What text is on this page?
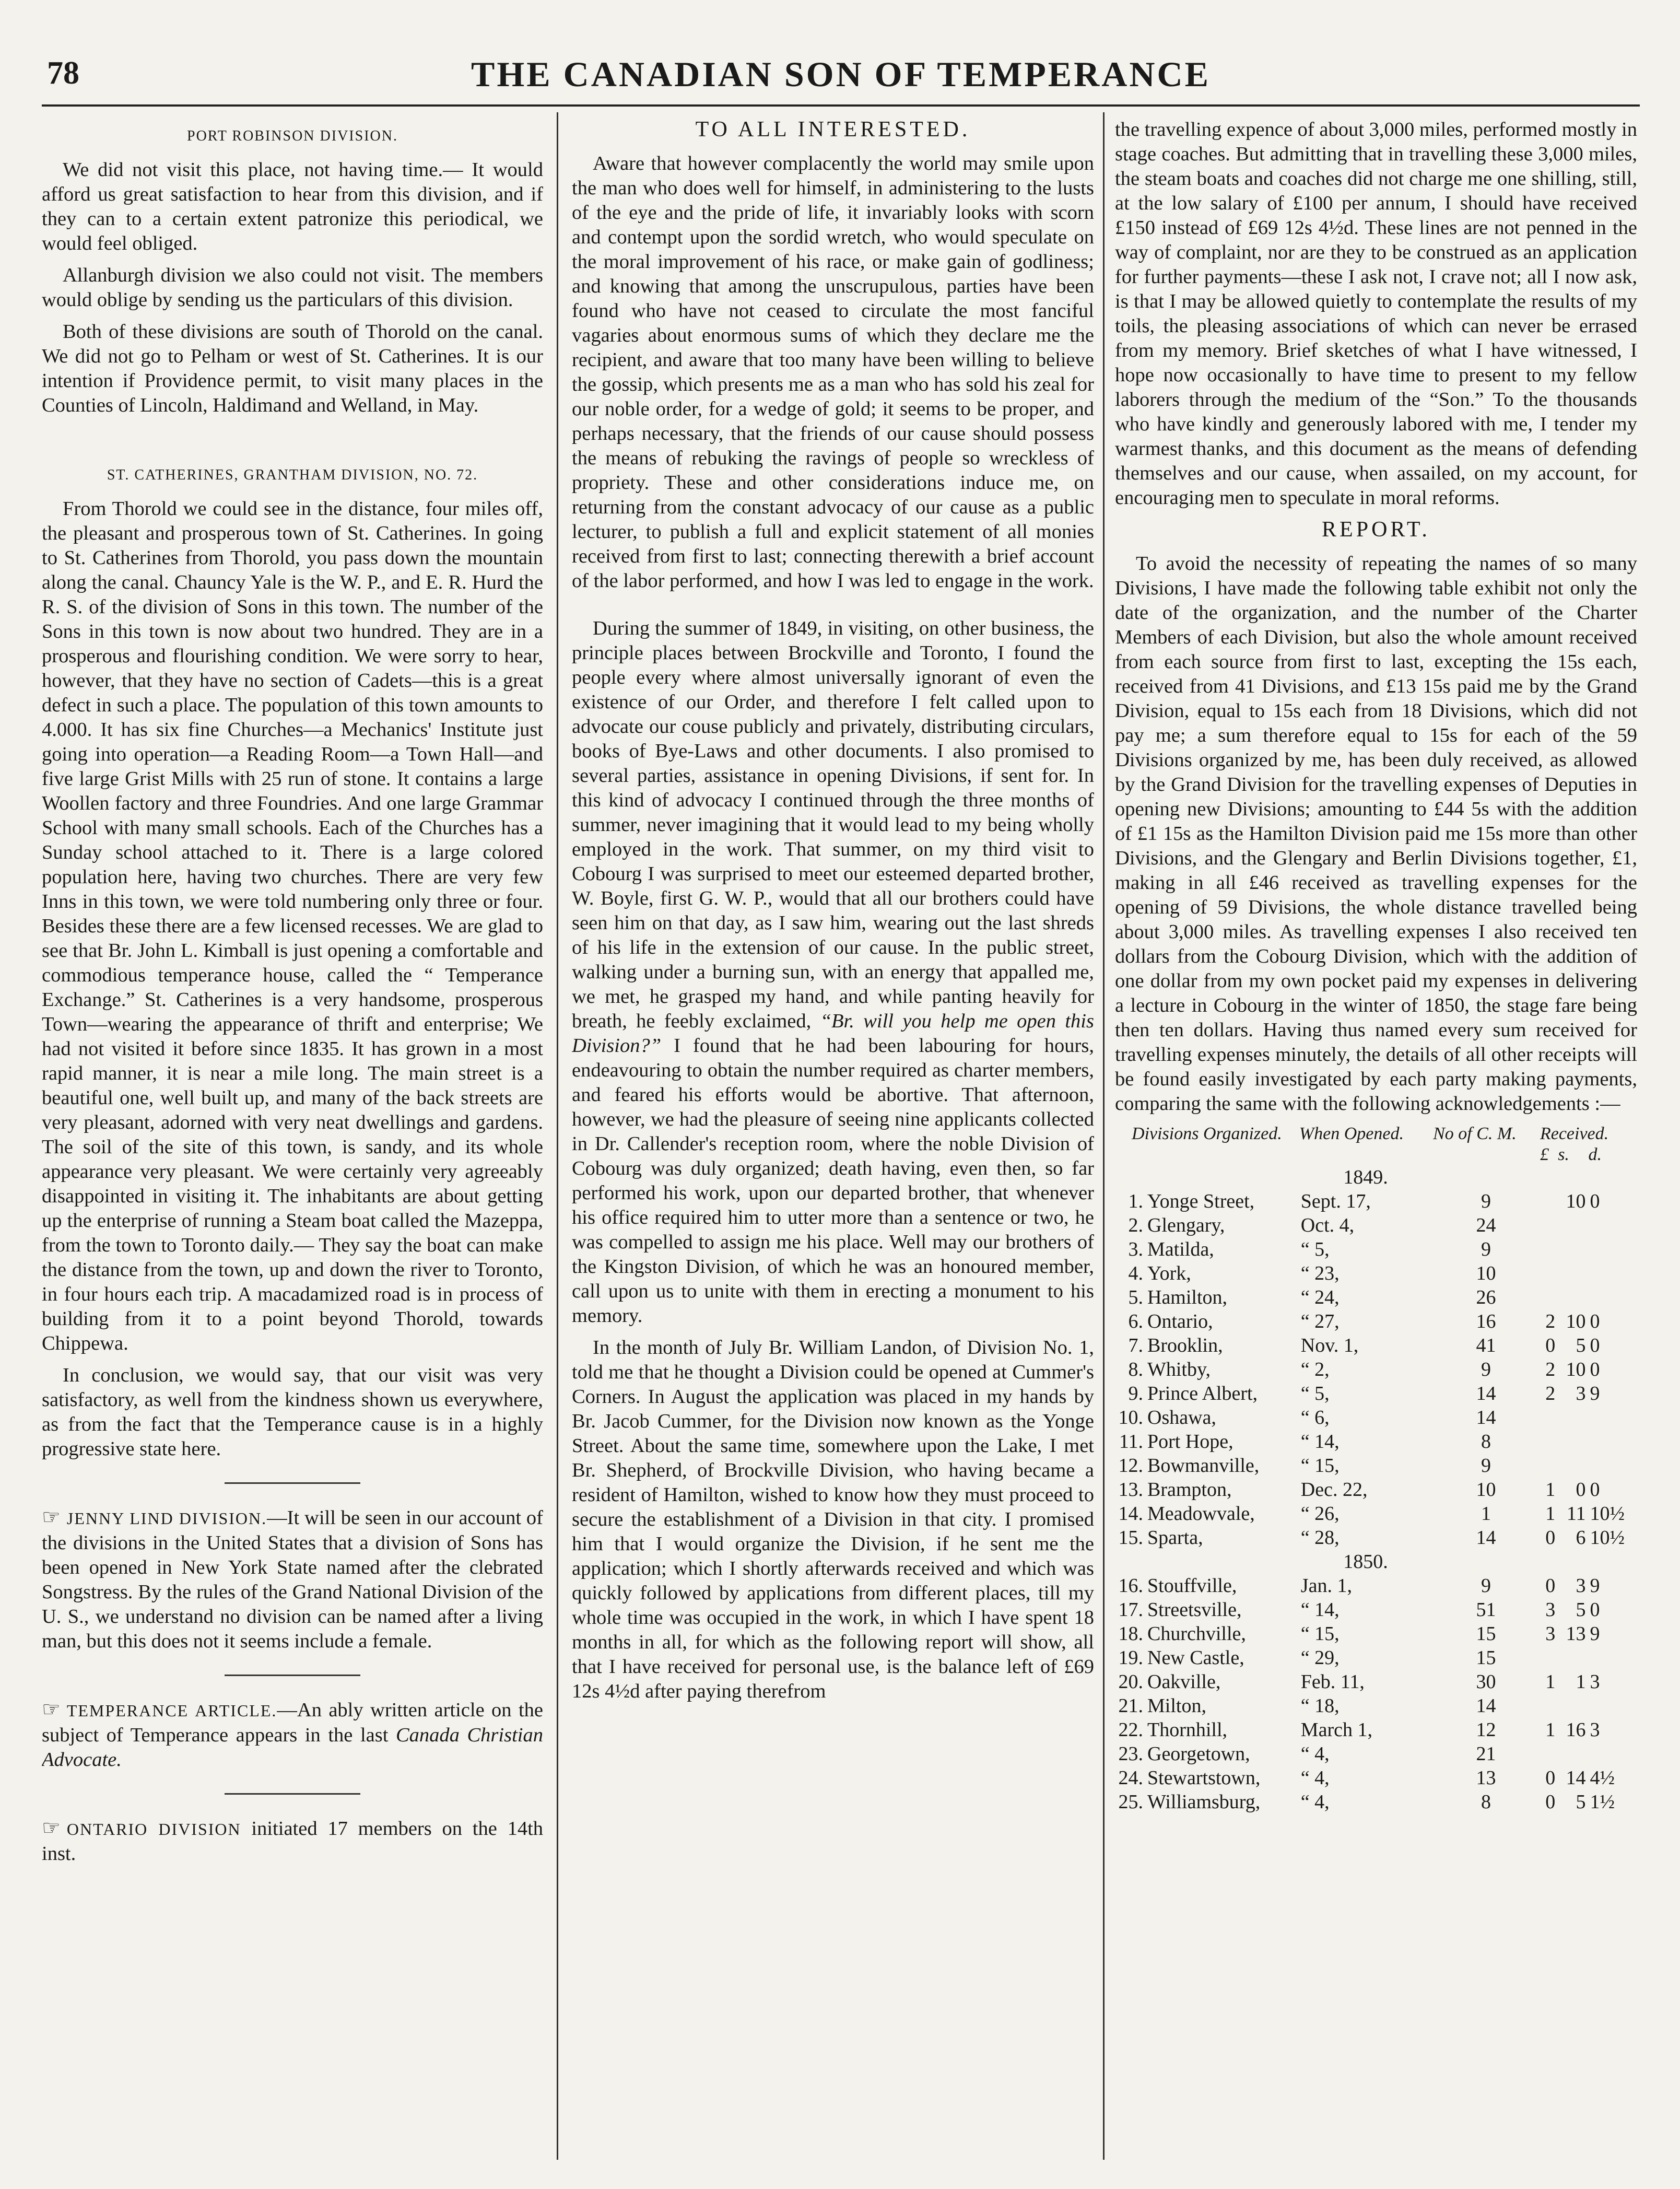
78	THE CANADIAN SON OF TEMPERANCE
PORT ROBINSON DIVISION.

We did not visit this place, not having time.— It would afford us great satisfaction to hear from this division, and if they can to a certain extent patronize this periodical, we would feel obliged.

Allanburgh division we also could not visit. The members would oblige by sending us the particulars of this division.

Both of these divisions are south of Thorold on the canal. We did not go to Pelham or west of St. Catherines. It is our intention if Providence permit, to visit many places in the Counties of Lincoln, Haldimand and Welland, in May.

ST. CATHERINES, GRANTHAM DIVISION, NO. 72.

From Thorold we could see in the distance, four miles off, the pleasant and prosperous town of St. Catherines. In going to St. Catherines from Thorold, you pass down the mountain along the canal. Chauncy Yale is the W. P., and E. R. Hurd the R. S. of the division of Sons in this town. The number of the Sons in this town is now about two hundred. They are in a prosperous and flourishing condition. We were sorry to hear, however, that they have no section of Cadets—this is a great defect in such a place. The population of this town amounts to 4.000. It has six fine Churches—a Mechanics' Institute just going into operation—a Reading Room—a Town Hall—and five large Grist Mills with 25 run of stone. It contains a large Woollen factory and three Foundries. And one large Grammar School with many small schools. Each of the Churches has a Sunday school attached to it. There is a large colored population here, having two churches. There are very few Inns in this town, we were told numbering only three or four. Besides these there are a few licensed recesses. We are glad to see that Br. John L. Kimball is just opening a comfortable and commodious temperance house, called the “ Temperance Exchange.” St. Catherines is a very handsome, prosperous Town—wearing the appearance of thrift and enterprise; We had not visited it before since 1835. It has grown in a most rapid manner, it is near a mile long. The main street is a beautiful one, well built up, and many of the back streets are very pleasant, adorned with very neat dwellings and gardens. The soil of the site of this town, is sandy, and its whole appearance very pleasant. We were certainly very agreeably disappointed in visiting it. The inhabitants are about getting up the enterprise of running a Steam boat called the Mazeppa, from the town to Toronto daily.— They say the boat can make the distance from the town, up and down the river to Toronto, in four hours each trip. A macadamized road is in process of building from it to a point beyond Thorold, towards Chippewa.

In conclusion, we would say, that our visit was very satisfactory, as well from the kindness shown us everywhere, as from the fact that the Temperance cause is in a highly progressive state here.

☞ JENNY LIND DIVISION.—It will be seen in our account of the divisions in the United States that a division of Sons has been opened in New York State named after the clebrated Songstress. By the rules of the Grand National Division of the U. S., we understand no division can be named after a living man, but this does not it seems include a female.

☞ TEMPERANCE ARTICLE.—An ably written article on the subject of Temperance appears in the last Canada Christian Advocate.

☞ ONTARIO DIVISION initiated 17 members on the 14th inst.

TO ALL INTERESTED.

Aware that however complacently the world may smile upon the man who does well for himself, in administering to the lusts of the eye and the pride of life, it invariably looks with scorn and contempt upon the sordid wretch, who would speculate on the moral improvement of his race, or make gain of godliness; and knowing that among the unscrupulous, parties have been found who have not ceased to circulate the most fanciful vagaries about enormous sums of which they declare me the recipient, and aware that too many have been willing to believe the gossip, which presents me as a man who has sold his zeal for our noble order, for a wedge of gold; it seems to be proper, and perhaps necessary, that the friends of our cause should possess the means of rebuking the ravings of people so wreckless of propriety. These and other considerations induce me, on returning from the constant advocacy of our cause as a public lecturer, to publish a full and explicit statement of all monies received from first to last; connecting therewith a brief account of the labor performed, and how I was led to engage in the work.

During the summer of 1849, in visiting, on other business, the principle places between Brockville and Toronto, I found the people every where almost universally ignorant of even the existence of our Order, and therefore I felt called upon to advocate our couse publicly and privately, distributing circulars, books of Bye-Laws and other documents. I also promised to several parties, assistance in opening Divisions, if sent for. In this kind of advocacy I continued through the three months of summer, never imagining that it would lead to my being wholly employed in the work. That summer, on my third visit to Cobourg I was surprised to meet our esteemed departed brother, W. Boyle, first G. W. P., would that all our brothers could have seen him on that day, as I saw him, wearing out the last shreds of his life in the extension of our cause. In the public street, walking under a burning sun, with an energy that appalled me, we met, he grasped my hand, and while panting heavily for breath, he feebly exclaimed, “Br. will you help me open this Division?” I found that he had been labouring for hours, endeavouring to obtain the number required as charter members, and feared his efforts would be abortive. That afternoon, however, we had the pleasure of seeing nine applicants collected in Dr. Callender's reception room, where the noble Division of Cobourg was duly organized; death having, even then, so far performed his work, upon our departed brother, that whenever his office required him to utter more than a sentence or two, he was compelled to assign me his place. Well may our brothers of the Kingston Division, of which he was an honoured member, call upon us to unite with them in erecting a monument to his memory.

In the month of July Br. William Landon, of Division No. 1, told me that he thought a Division could be opened at Cummer's Corners. In August the application was placed in my hands by Br. Jacob Cummer, for the Division now known as the Yonge Street. About the same time, somewhere upon the Lake, I met Br. Shepherd, of Brockville Division, who having became a resident of Hamilton, wished to know how they must proceed to secure the establishment of a Division in that city. I promised him that I would organize the Division, if he sent me the application; which I shortly afterwards received and which was quickly followed by applications from different places, till my whole time was occupied in the work, in which I have spent 18 months in all, for which as the following report will show, all that I have received for personal use, is the balance left of £69 12s 4½d after paying therefrom

the travelling expence of about 3,000 miles, performed mostly in stage coaches. But admitting that in travelling these 3,000 miles, the steam boats and coaches did not charge me one shilling, still, at the low salary of £100 per annum, I should have received £150 instead of £69 12s 4½d. These lines are not penned in the way of complaint, nor are they to be construed as an application for further payments—these I ask not, I crave not; all I now ask, is that I may be allowed quietly to contemplate the results of my toils, the pleasing associations of which can never be errased from my memory. Brief sketches of what I have witnessed, I hope now occasionally to have time to present to my fellow laborers through the medium of the “Son.” To the thousands who have kindly and generously labored with me, I tender my warmest thanks, and this document as the means of defending themselves and our cause, when assailed, on my account, for encouraging men to speculate in moral reforms.

REPORT.

To avoid the necessity of repeating the names of so many Divisions, I have made the following table exhibit not only the date of the organization, and the number of the Charter Members of each Division, but also the whole amount received from each source from first to last, excepting the 15s each, received from 41 Divisions, and £13 15s paid me by the Grand Division, equal to 15s each from 18 Divisions, which did not pay me; a sum therefore equal to 15s for each of the 59 Divisions organized by me, has been duly received, as allowed by the Grand Division for the travelling expenses of Deputies in opening new Divisions; amounting to £44 5s with the addition of £1 15s as the Hamilton Division paid me 15s more than other Divisions, and the Glengary and Berlin Divisions together, £1, making in all £46 received as travelling expenses for the opening of 59 Divisions, the whole distance travelled being about 3,000 miles. As travelling expenses I also received ten dollars from the Cobourg Division, which with the addition of one dollar from my own pocket paid my expenses in delivering a lecture in Cobourg in the winter of 1850, the stage fare being then ten dollars. Having thus named every sum received for travelling expenses minutely, the details of all other receipts will be found easily investigated by each party making payments, comparing the same with the following acknowledgements :—

Divisions Organized.		When Opened.	No of C. M.	Received.		
				£	s.	d.
		1849.				
1.	Yonge Street,	Sept. 17,	9		10	0
2.	Glengary,	Oct. 4,	24			
3.	Matilda,	“ 5,	9			
4.	York,	“ 23,	10			
5.	Hamilton,	“ 24,	26			
6.	Ontario,	“ 27,	16	2	10	0
7.	Brooklin,	Nov. 1,	41	0	5	0
8.	Whitby,	“ 2,	9	2	10	0
9.	Prince Albert,	“ 5,	14	2	3	9
10.	Oshawa,	“ 6,	14			
11.	Port Hope,	“ 14,	8			
12.	Bowmanville,	“ 15,	9			
13.	Brampton,	Dec. 22,	10	1	0	0
14.	Meadowvale,	“ 26,	1	1	11	10½
15.	Sparta,	“ 28,	14	0	6	10½
		1850.				
16.	Stouffville,	Jan. 1,	9	0	3	9
17.	Streetsville,	“ 14,	51	3	5	0
18.	Churchville,	“ 15,	15	3	13	9
19.	New Castle,	“ 29,	15			
20.	Oakville,	Feb. 11,	30	1	1	3
21.	Milton,	“ 18,	14			
22.	Thornhill,	March 1,	12	1	16	3
23.	Georgetown,	“ 4,	21			
24.	Stewartstown,	“ 4,	13	0	14	4½
25.	Williamsburg,	“ 4,	8	0	5	1½
